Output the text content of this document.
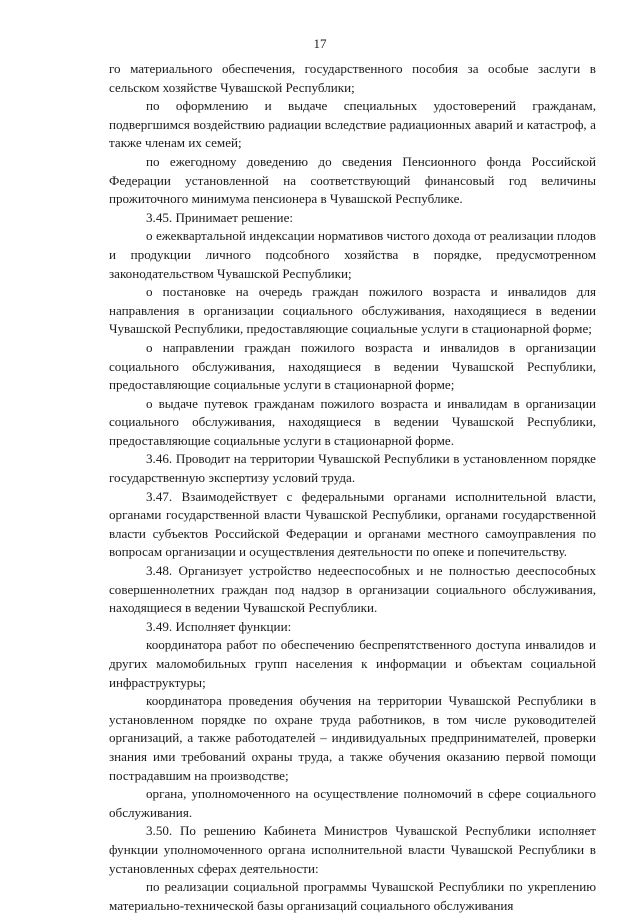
17

го материального обеспечения, государственного пособия за особые заслуги в сельском хозяйстве Чувашской Республики;

по оформлению и выдаче специальных удостоверений гражданам, подвергшимся воздействию радиации вследствие радиационных аварий и катастроф, а также членам их семей;

по ежегодному доведению до сведения Пенсионного фонда Российской Федерации установленной на соответствующий финансовый год величины прожиточного минимума пенсионера в Чувашской Республике.

3.45. Принимает решение:

о ежеквартальной индексации нормативов чистого дохода от реализации плодов и продукции личного подсобного хозяйства в порядке, предусмотренном законодательством Чувашской Республики;

о постановке на очередь граждан пожилого возраста и инвалидов для направления в организации социального обслуживания, находящиеся в ведении Чувашской Республики, предоставляющие социальные услуги в стационарной форме;

о направлении граждан пожилого возраста и инвалидов в организации социального обслуживания, находящиеся в ведении Чувашской Республики, предоставляющие социальные услуги в стационарной форме;

о выдаче путевок гражданам пожилого возраста и инвалидам в организации социального обслуживания, находящиеся в ведении Чувашской Республики, предоставляющие социальные услуги в стационарной форме.

3.46. Проводит на территории Чувашской Республики в установленном порядке государственную экспертизу условий труда.

3.47. Взаимодействует с федеральными органами исполнительной власти, органами государственной власти Чувашской Республики, органами государственной власти субъектов Российской Федерации и органами местного самоуправления по вопросам организации и осуществления деятельности по опеке и попечительству.

3.48. Организует устройство недееспособных и не полностью дееспособных совершеннолетних граждан под надзор в организации социального обслуживания, находящиеся в ведении Чувашской Республики.

3.49. Исполняет функции:

координатора работ по обеспечению беспрепятственного доступа инвалидов и других маломобильных групп населения к информации и объектам социальной инфраструктуры;

координатора проведения обучения на территории Чувашской Республики в установленном порядке по охране труда работников, в том числе руководителей организаций, а также работодателей – индивидуальных предпринимателей, проверки знания ими требований охраны труда, а также обучения оказанию первой помощи пострадавшим на производстве;

органа, уполномоченного на осуществление полномочий в сфере социального обслуживания.

3.50. По решению Кабинета Министров Чувашской Республики исполняет функции уполномоченного органа исполнительной власти Чувашской Республики в установленных сферах деятельности:

по реализации социальной программы Чувашской Республики по укреплению материально-технической базы организаций социального обслуживания
